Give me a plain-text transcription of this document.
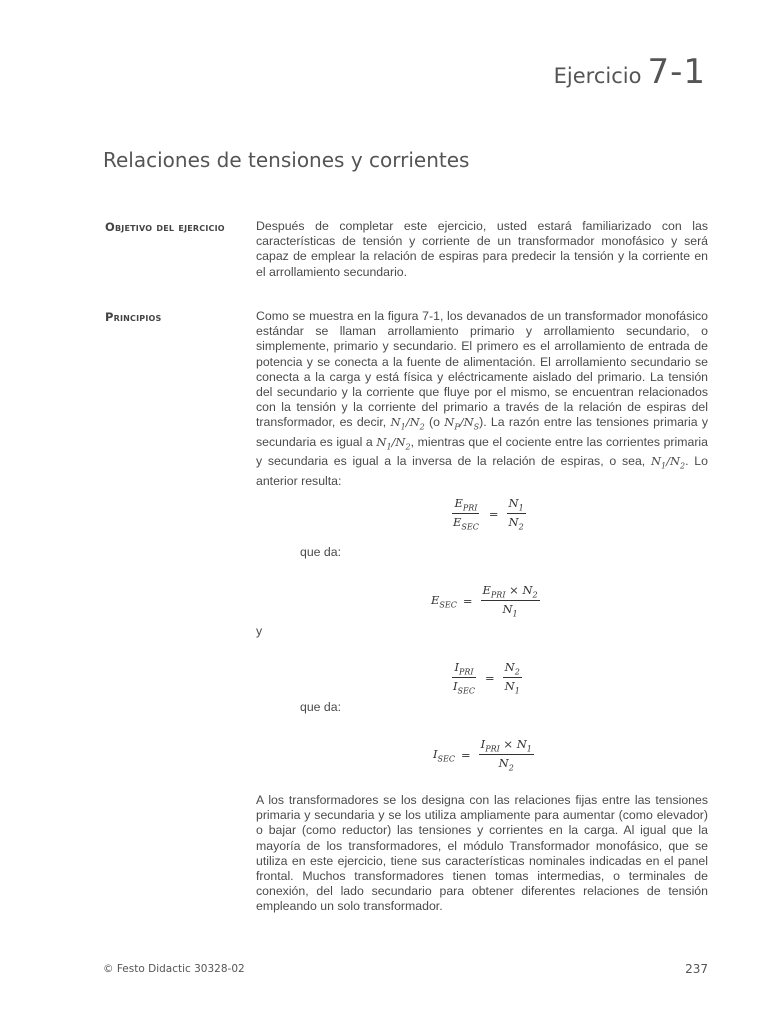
Ejercicio 7-1
Relaciones de tensiones y corrientes
Objetivo del ejercicio	Después de completar este ejercicio, usted estará familiarizado con las características de tensión y corriente de un transformador monofásico y será capaz de emplear la relación de espiras para predecir la tensión y la corriente en el arrollamiento secundario.
Principios	Como se muestra en la figura 7-1, los devanados de un transformador monofásico estándar se llaman arrollamiento primario y arrollamiento secundario, o simplemente, primario y secundario. El primero es el arrollamiento de entrada de potencia y se conecta a la fuente de alimentación. El arrollamiento secundario se conecta a la carga y está física y eléctricamente aislado del primario. La tensión del secundario y la corriente que fluye por el mismo, se encuentran relacionados con la tensión y la corriente del primario a través de la relación de espiras del transformador, es decir, $N_1/N_2$ (o $N_P/N_S$). La razón entre las tensiones primaria y secundaria es igual a $N_1/N_2$, mientras que el cociente entre las corrientes primaria y secundaria es igual a la inversa de la relación de espiras, o sea, $N_1/N_2$. Lo anterior resulta:
$\frac{E_{PRI}}{E_{SEC}} = \frac{N_1}{N_2}$
que da:
$E_{SEC} = \frac{E_{PRI} \times N_2}{N_1}$
y
$\frac{I_{PRI}}{I_{SEC}} = \frac{N_2}{N_1}$
que da:
$I_{SEC} = \frac{I_{PRI} \times N_1}{N_2}$
A los transformadores se los designa con las relaciones fijas entre las tensiones primaria y secundaria y se los utiliza ampliamente para aumentar (como elevador) o bajar (como reductor) las tensiones y corrientes en la carga. Al igual que la mayoría de los transformadores, el módulo Transformador monofásico, que se utiliza en este ejercicio, tiene sus características nominales indicadas en el panel frontal. Muchos transformadores tienen tomas intermedias, o terminales de conexión, del lado secundario para obtener diferentes relaciones de tensión empleando un solo transformador.
© Festo Didactic 30328-02	237
